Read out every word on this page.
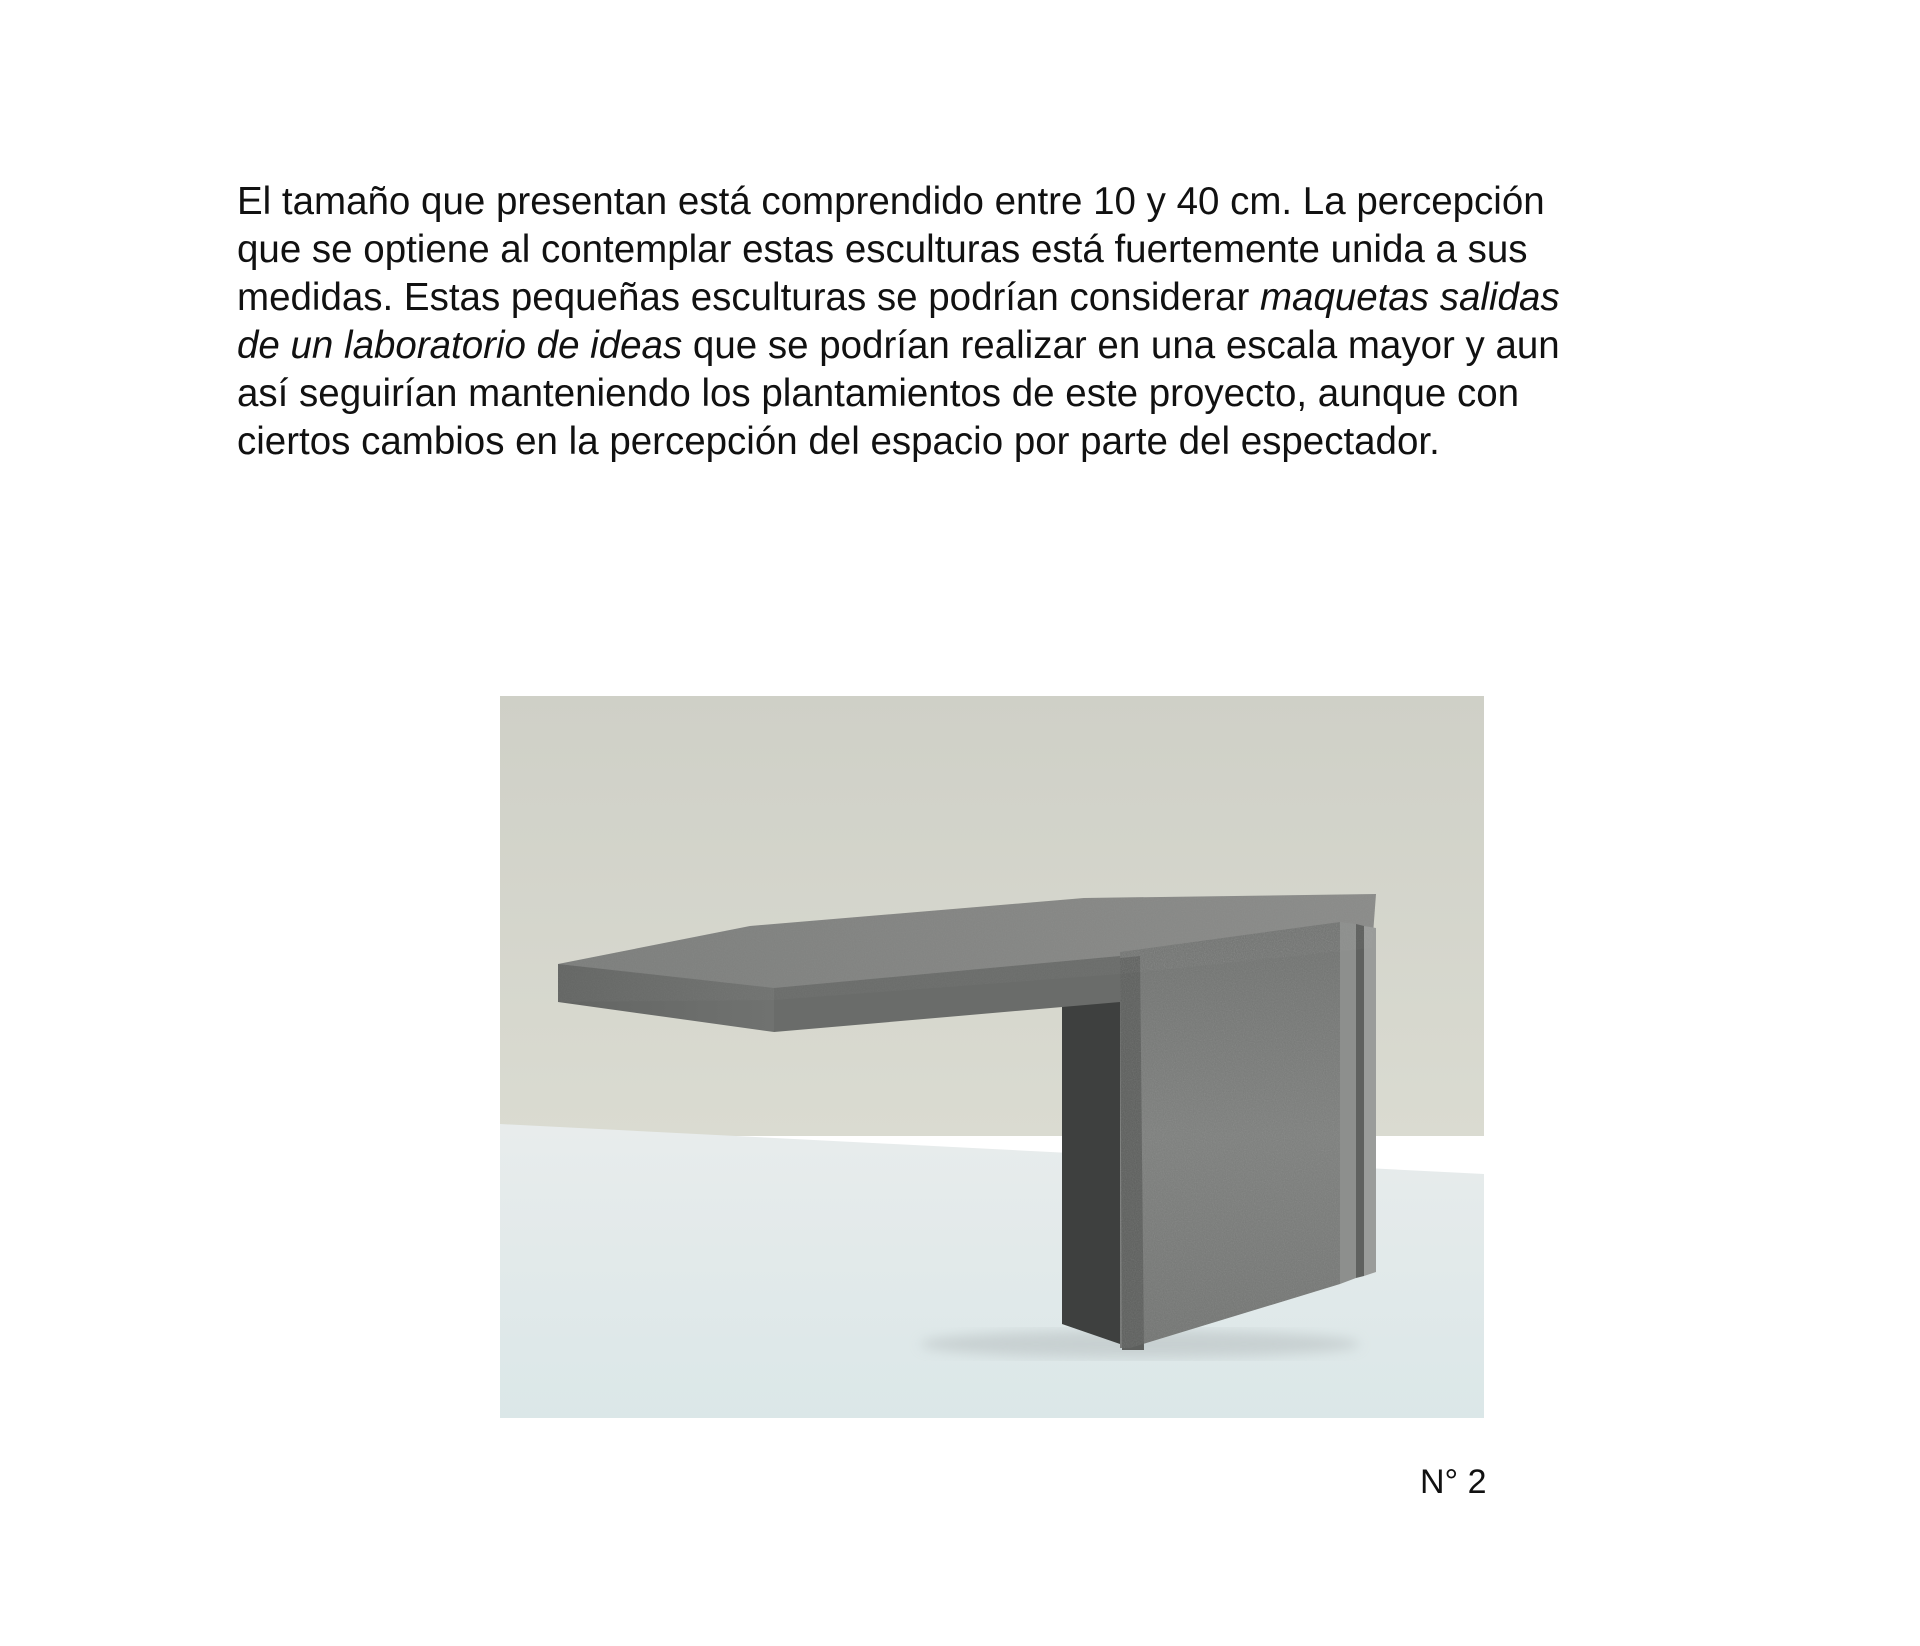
El tamaño que presentan está comprendido entre 10 y 40 cm. La percepción
que se optiene al contemplar estas esculturas está fuertemente unida a sus
medidas. Estas pequeñas esculturas se podrían considerar maquetas salidas
de un laboratorio de ideas que se podrían realizar en una escala mayor y aun
así seguirían manteniendo los plantamientos de este proyecto, aunque con
ciertos cambios en la percepción del espacio por parte del espectador.

N° 2
